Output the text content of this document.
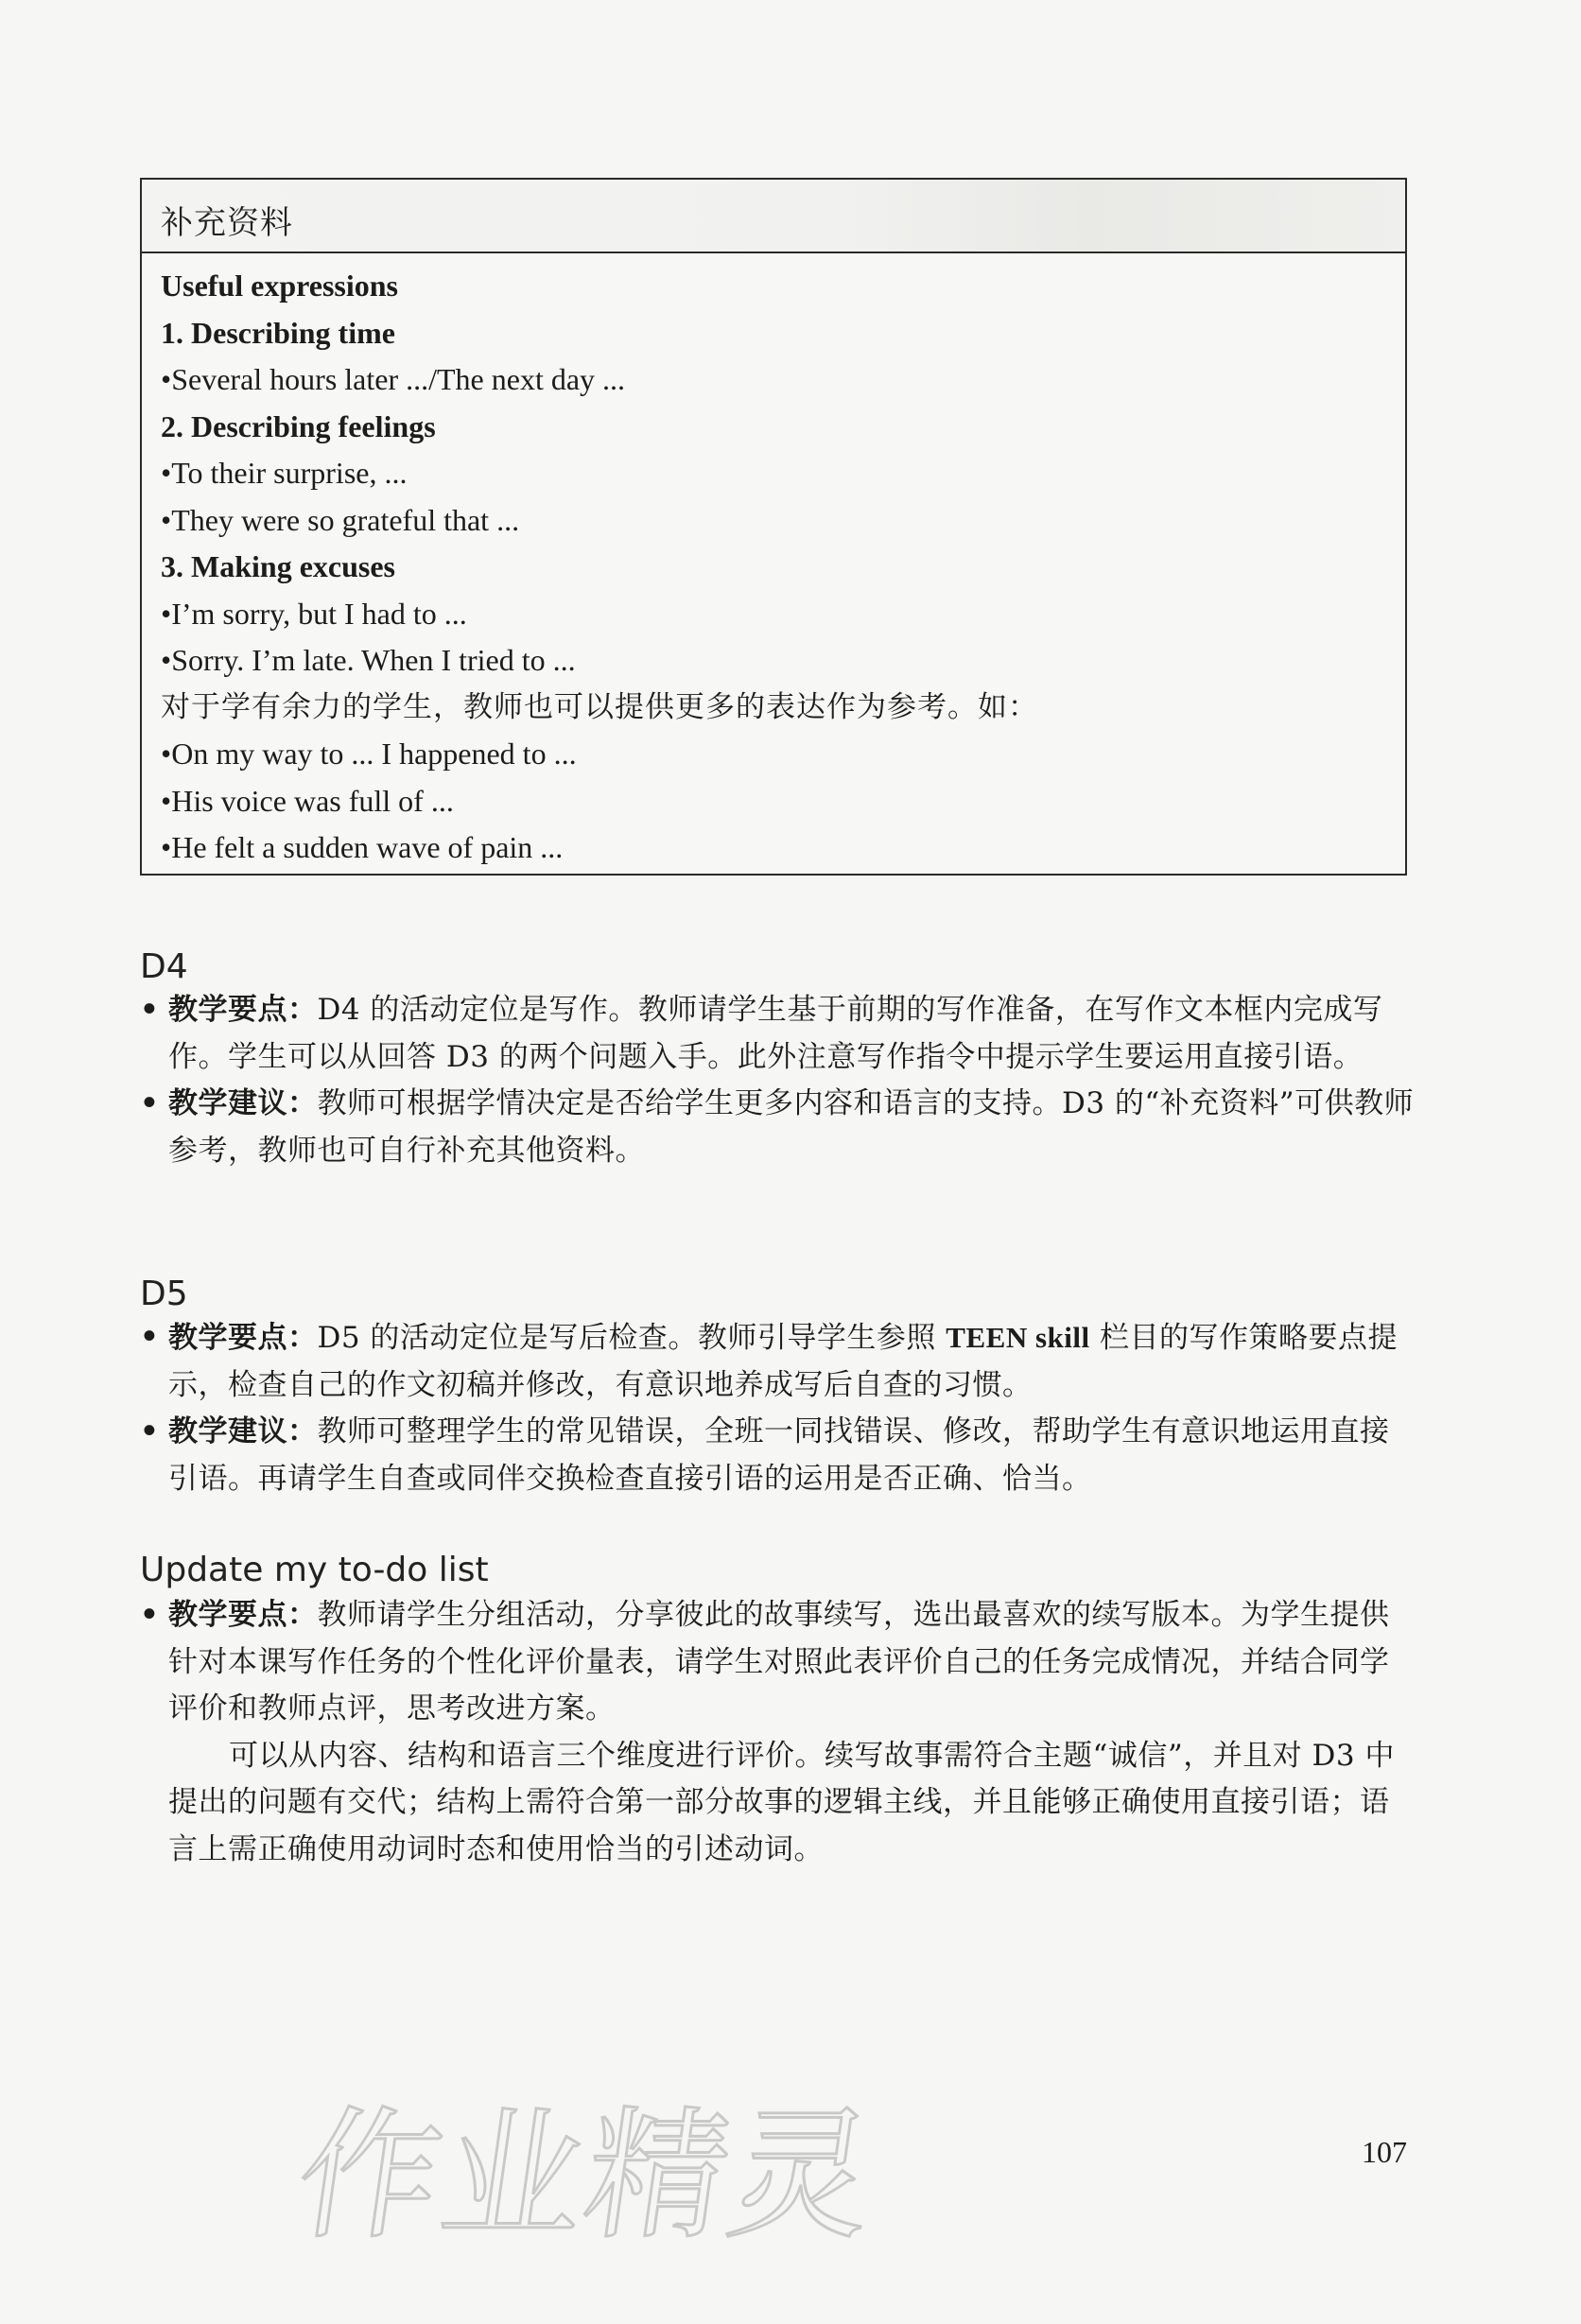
补充资料
Useful expressions
1. Describing time
•Several hours later .../The next day ...
2. Describing feelings
•To their surprise, ...
•They were so grateful that ...
3. Making excuses
•I’m sorry, but I had to ...
•Sorry. I’m late. When I tried to ...
对于学有余力的学生，教师也可以提供更多的表达作为参考。如：
•On my way to ... I happened to ...
•His voice was full of ...
•He felt a sudden wave of pain ...
D4
• 教学要点：D4 的活动定位是写作。教师请学生基于前期的写作准备，在写作文本框内完成写作。学生可以从回答 D3 的两个问题入手。此外注意写作指令中提示学生要运用直接引语。
• 教学建议：教师可根据学情决定是否给学生更多内容和语言的支持。D3 的“补充资料”可供教师参考，教师也可自行补充其他资料。
D5
• 教学要点：D5 的活动定位是写后检查。教师引导学生参照 TEEN skill 栏目的写作策略要点提示，检查自己的作文初稿并修改，有意识地养成写后自查的习惯。
• 教学建议：教师可整理学生的常见错误，全班一同找错误、修改，帮助学生有意识地运用直接引语。再请学生自查或同伴交换检查直接引语的运用是否正确、恰当。
Update my to-do list
• 教学要点：教师请学生分组活动，分享彼此的故事续写，选出最喜欢的续写版本。为学生提供针对本课写作任务的个性化评价量表，请学生对照此表评价自己的任务完成情况，并结合同学评价和教师点评，思考改进方案。
可以从内容、结构和语言三个维度进行评价。续写故事需符合主题“诚信”，并且对 D3 中提出的问题有交代；结构上需符合第一部分故事的逻辑主线，并且能够正确使用直接引语；语言上需正确使用动词时态和使用恰当的引述动词。
作业精灵	107
